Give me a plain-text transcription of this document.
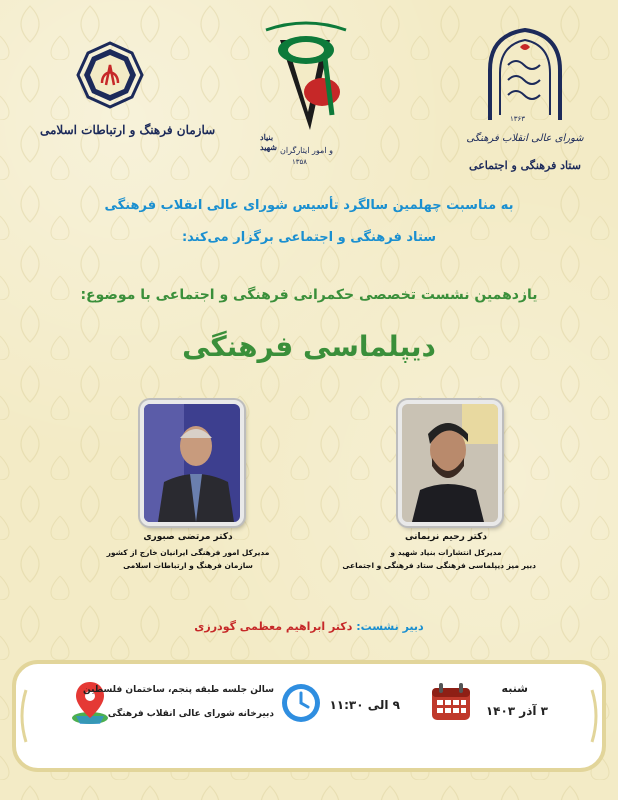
سازمان فرهنگ و ارتباطات اسلامی	بنیاد
شهید و امور ایثارگران
۱۳۵۸
۱۳۶۳
شورای عالی انقلاب فرهنگی
ستاد فرهنگی و اجتماعی
به مناسبت چهلمین سالگرد تأسیس شورای عالی انقلاب فرهنگی
ستاد فرهنگی و اجتماعی برگزار می‌کند:
یازدهمین نشست تخصصی حکمرانی فرهنگی و اجتماعی با موضوع:
دیپلماسی فرهنگی
دکتر مرتضی صبوری
مدیرکل امور فرهنگی ایرانیان خارج از کشور
سازمان فرهنگ و ارتباطات اسلامی
دکتر رحیم نریمانی
مدیرکل انتشارات بنیاد شهید و
دبیر میز دیپلماسی فرهنگی ستاد فرهنگی و اجتماعی
دبیر نشست: دکتر ابراهیم معظمی گودرزی
شنبه
۳ آذر ۱۴۰۳
۹ الی ۱۱:۳۰
سالن جلسه طبقه پنجم، ساختمان فلسطین
دبیرخانه شورای عالی انقلاب فرهنگی
